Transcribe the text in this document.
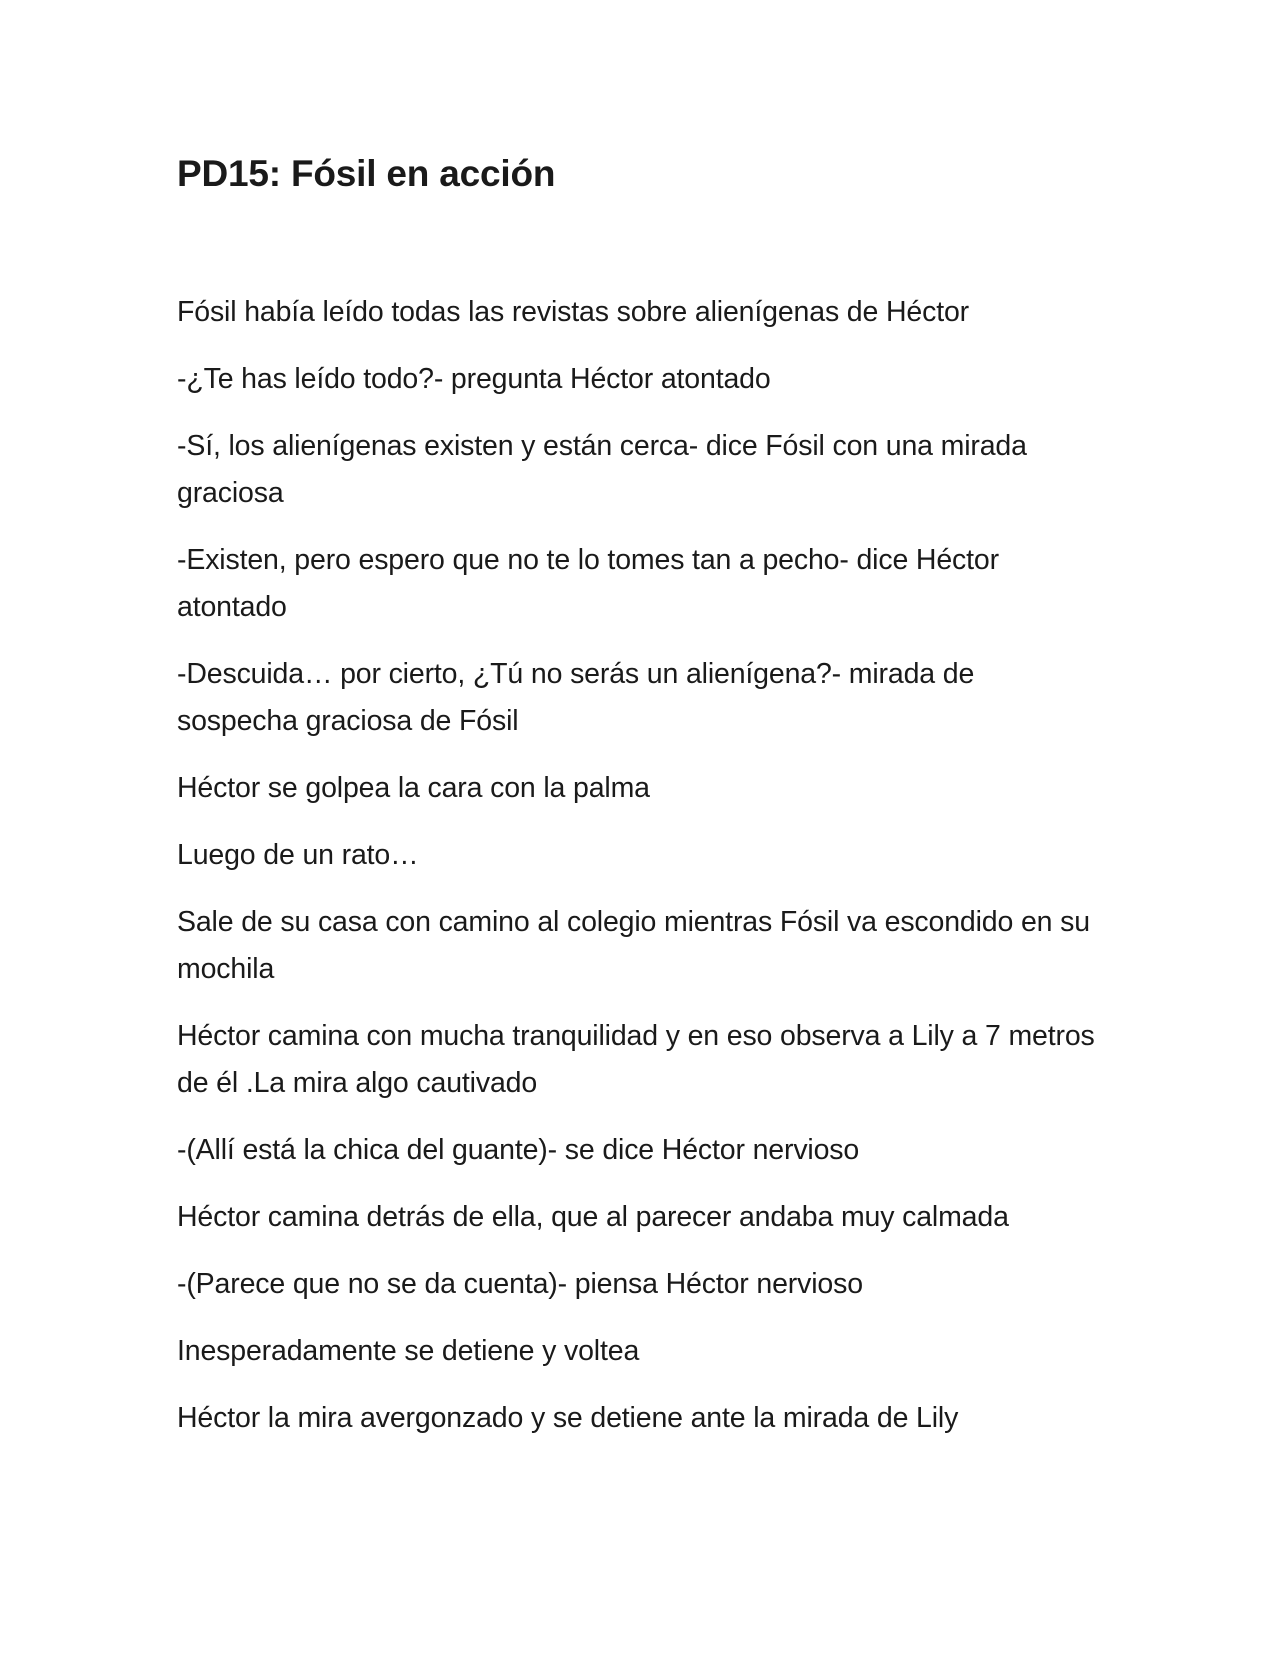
PD15: Fósil en acción

Fósil había leído todas las revistas sobre alienígenas de Héctor

-¿Te has leído todo?- pregunta Héctor atontado

-Sí, los alienígenas existen y están cerca- dice Fósil con una mirada graciosa

-Existen, pero espero que no te lo tomes tan a pecho- dice Héctor atontado

-Descuida… por cierto, ¿Tú no serás un alienígena?- mirada de sospecha graciosa de Fósil

Héctor se golpea la cara con la palma

Luego de un rato…

Sale de su casa con camino al colegio mientras Fósil va escondido en su mochila

Héctor camina con mucha tranquilidad y en eso observa a Lily a 7 metros de él .La mira algo cautivado

-(Allí está la chica del guante)- se dice Héctor nervioso

Héctor camina detrás de ella, que al parecer andaba muy calmada

-(Parece que no se da cuenta)- piensa Héctor nervioso

Inesperadamente se detiene y voltea

Héctor la mira avergonzado y se detiene ante la mirada de Lily
